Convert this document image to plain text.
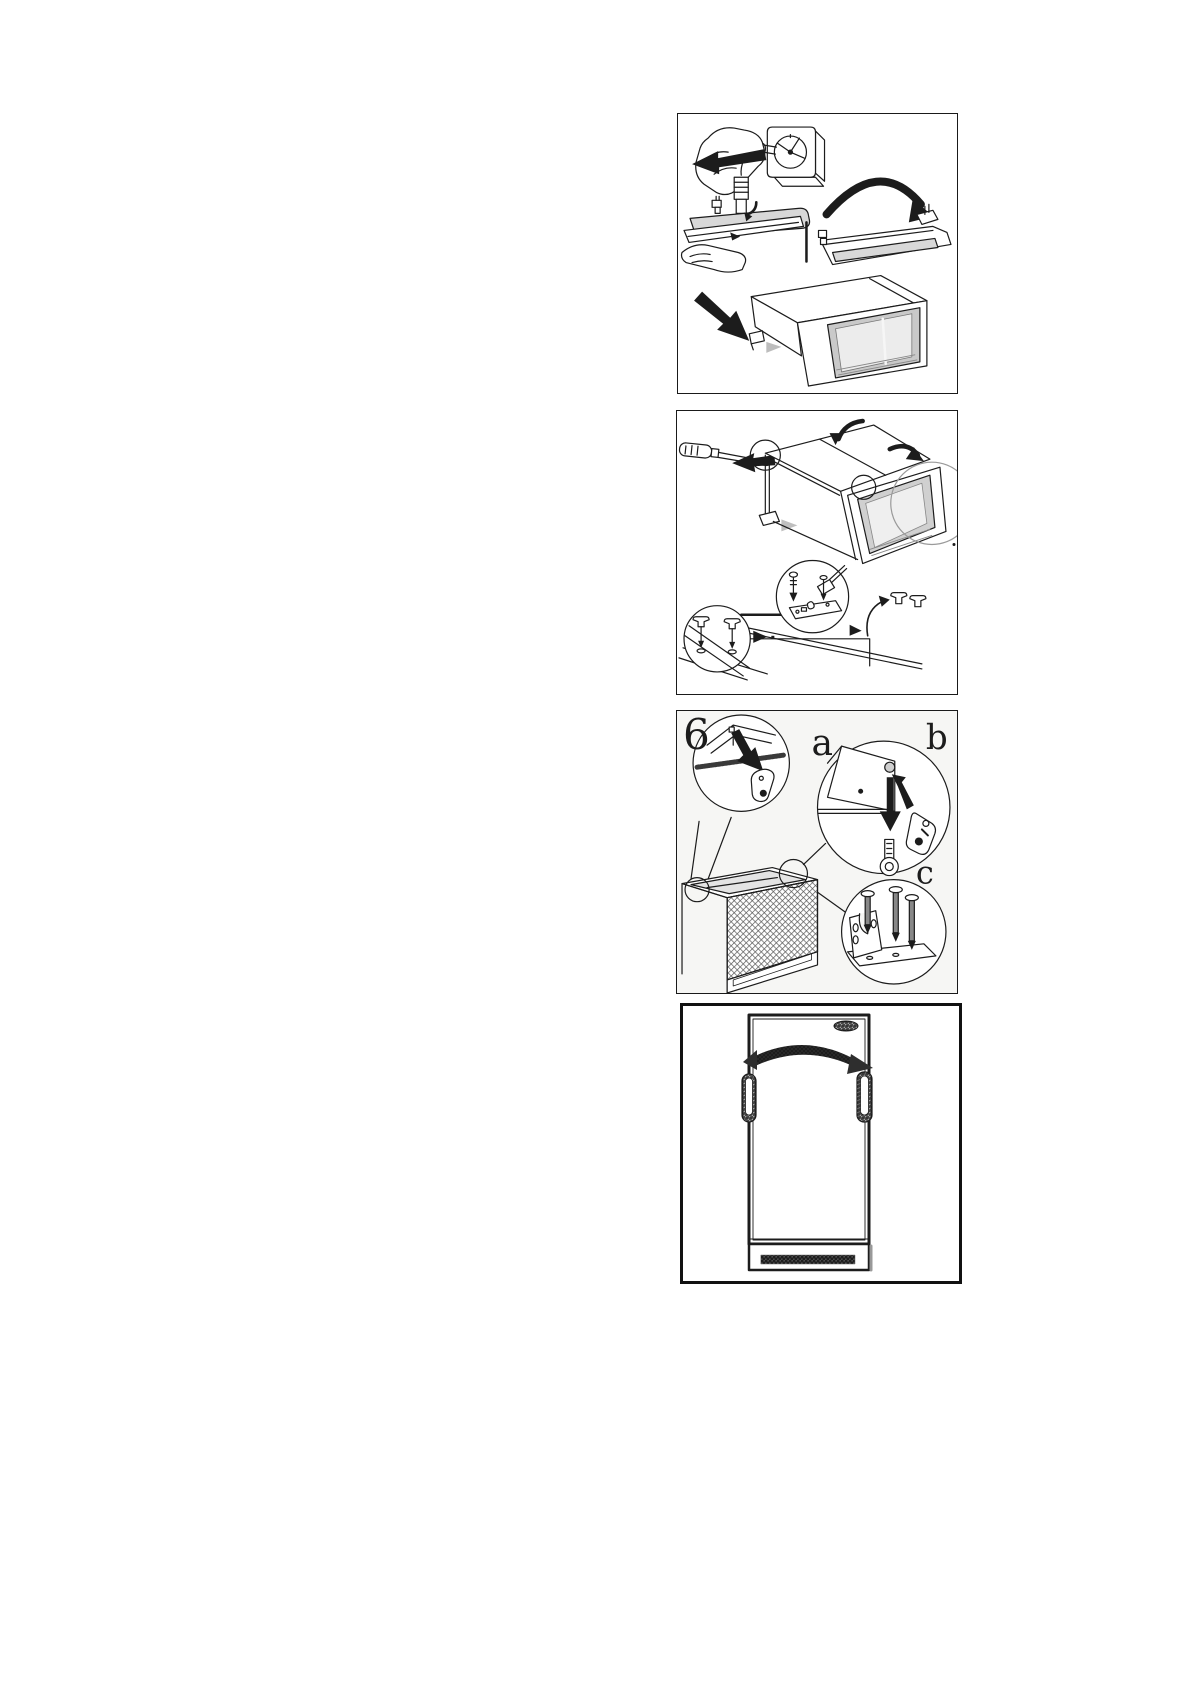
6	a	b
c
